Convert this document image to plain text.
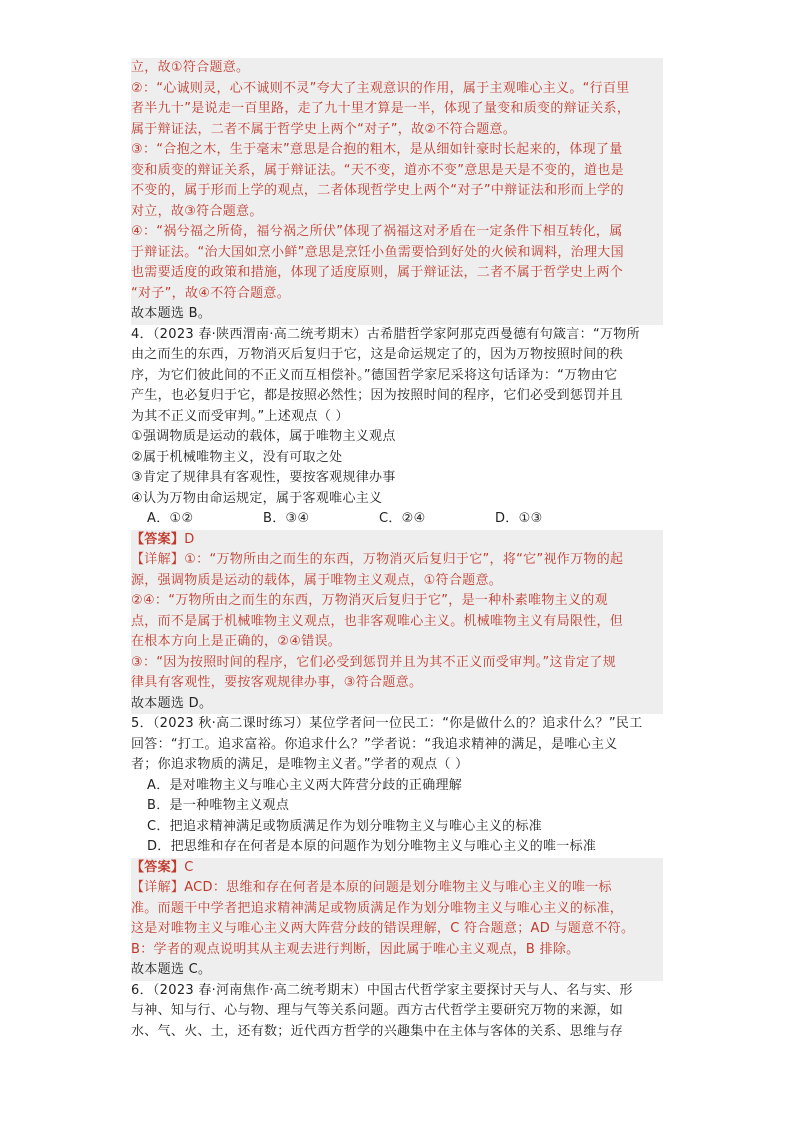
立，故①符合题意。
②：“心诚则灵，心不诚则不灵”夸大了主观意识的作用，属于主观唯心主义。“行百里
者半九十”是说走一百里路，走了九十里才算是一半，体现了量变和质变的辩证关系，
属于辩证法，二者不属于哲学史上两个“对子”，故②不符合题意。
③：“合抱之木，生于毫末”意思是合抱的粗木，是从细如针豪时长起来的，体现了量
变和质变的辩证关系，属于辩证法。“天不变，道亦不变”意思是天是不变的，道也是
不变的，属于形而上学的观点，二者体现哲学史上两个“对子”中辩证法和形而上学的
对立，故③符合题意。
④：“祸兮福之所倚，福兮祸之所伏”体现了祸福这对矛盾在一定条件下相互转化，属
于辩证法。“治大国如烹小鲜”意思是烹饪小鱼需要恰到好处的火候和调料，治理大国
也需要适度的政策和措施，体现了适度原则，属于辩证法，二者不属于哲学史上两个
“对子”，故④不符合题意。
故本题选 B。
4．（2023 春·陕西渭南·高二统考期末）古希腊哲学家阿那克西曼德有句箴言：“万物所
由之而生的东西，万物消灭后复归于它，这是命运规定了的，因为万物按照时间的秩
序，为它们彼此间的不正义而互相偿补。”德国哲学家尼采将这句话译为：“万物由它
产生，也必复归于它，都是按照必然性；因为按照时间的程序，它们必受到惩罚并且
为其不正义而受审判。”上述观点（ ）
①强调物质是运动的载体，属于唯物主义观点
②属于机械唯物主义，没有可取之处
③肯定了规律具有客观性，要按客观规律办事
④认为万物由命运规定，属于客观唯心主义
A．①②	B．③④	C．②④	D．①③
【答案】D
【详解】①：“万物所由之而生的东西，万物消灭后复归于它”，将“它”视作万物的起
源，强调物质是运动的载体，属于唯物主义观点，①符合题意。
②④：“万物所由之而生的东西，万物消灭后复归于它”，是一种朴素唯物主义的观
点，而不是属于机械唯物主义观点，也非客观唯心主义。机械唯物主义有局限性，但
在根本方向上是正确的，②④错误。
③：“因为按照时间的程序，它们必受到惩罚并且为其不正义而受审判。”这肯定了规
律具有客观性，要按客观规律办事，③符合题意。
故本题选 D。
5．（2023 秋·高二课时练习）某位学者问一位民工：“你是做什么的？追求什么？”民工
回答：“打工。追求富裕。你追求什么？”学者说：“我追求精神的满足，是唯心主义
者；你追求物质的满足，是唯物主义者。”学者的观点（ ）
A．是对唯物主义与唯心主义两大阵营分歧的正确理解
B．是一种唯物主义观点
C．把追求精神满足或物质满足作为划分唯物主义与唯心主义的标准
D．把思维和存在何者是本原的问题作为划分唯物主义与唯心主义的唯一标准
【答案】C
【详解】ACD：思维和存在何者是本原的问题是划分唯物主义与唯心主义的唯一标
准。而题干中学者把追求精神满足或物质满足作为划分唯物主义与唯心主义的标准，
这是对唯物主义与唯心主义两大阵营分歧的错误理解，C 符合题意；AD 与题意不符。
B：学者的观点说明其从主观去进行判断，因此属于唯心主义观点，B 排除。
故本题选 C。
6．（2023 春·河南焦作·高二统考期末）中国古代哲学家主要探讨天与人、名与实、形
与神、知与行、心与物、理与气等关系问题。西方古代哲学主要研究万物的来源，如
水、气、火、土，还有数；近代西方哲学的兴趣集中在主体与客体的关系、思维与存
